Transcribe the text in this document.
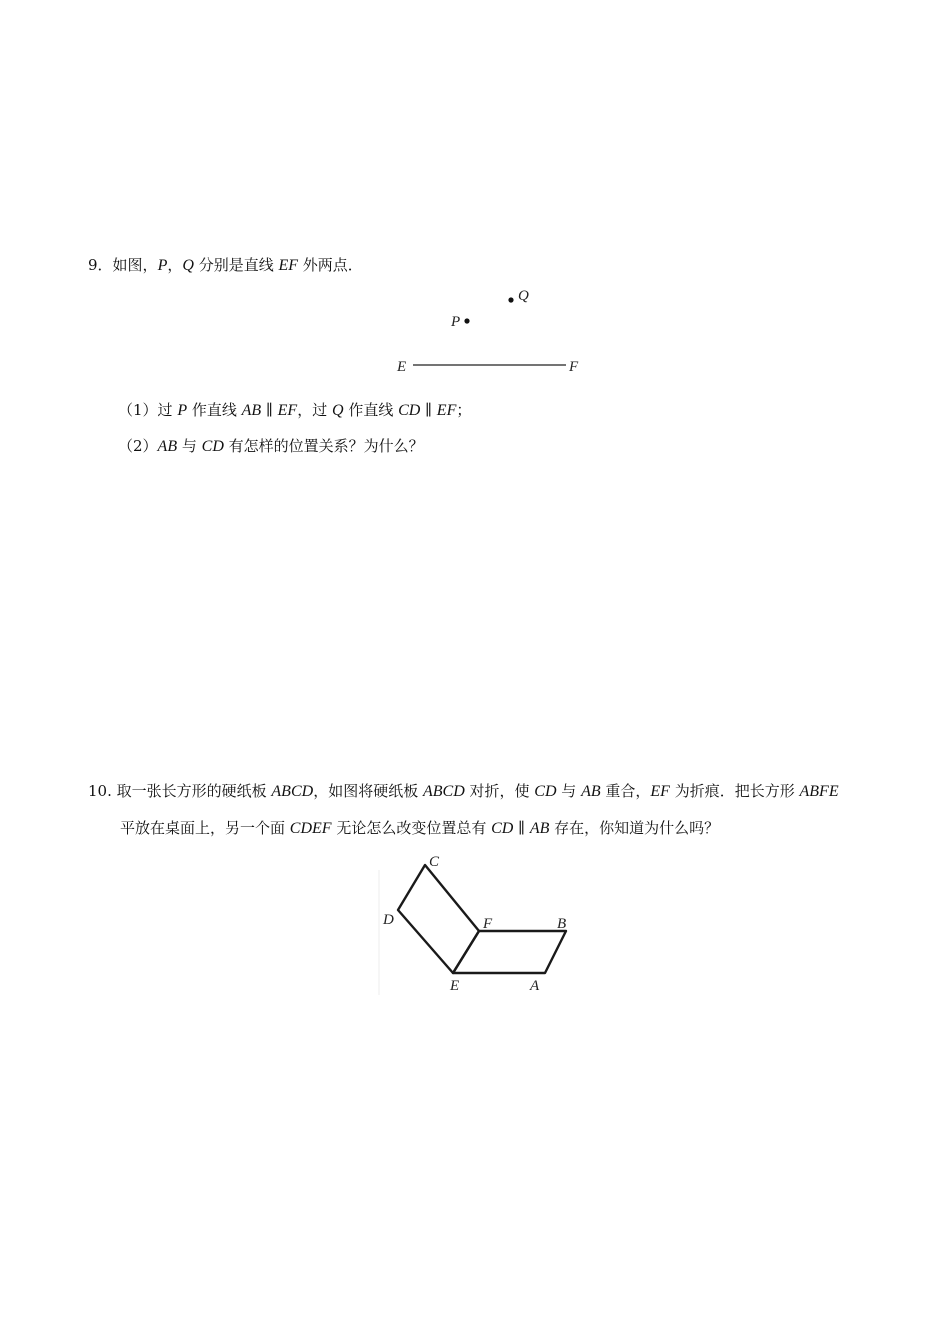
9．如图，P，Q 分别是直线 EF 外两点．
Q
P
E	F
（1）过 P 作直线 AB ∥ EF，过 Q 作直线 CD ∥ EF；
（2）AB 与 CD 有怎样的位置关系？为什么？
10. 取一张长方形的硬纸板 ABCD，如图将硬纸板 ABCD 对折，使 CD 与 AB 重合，EF 为折痕．把长方形 ABFE
平放在桌面上，另一个面 CDEF 无论怎么改变位置总有 CD ∥ AB 存在，你知道为什么吗？
C
D	F	B
E	A
